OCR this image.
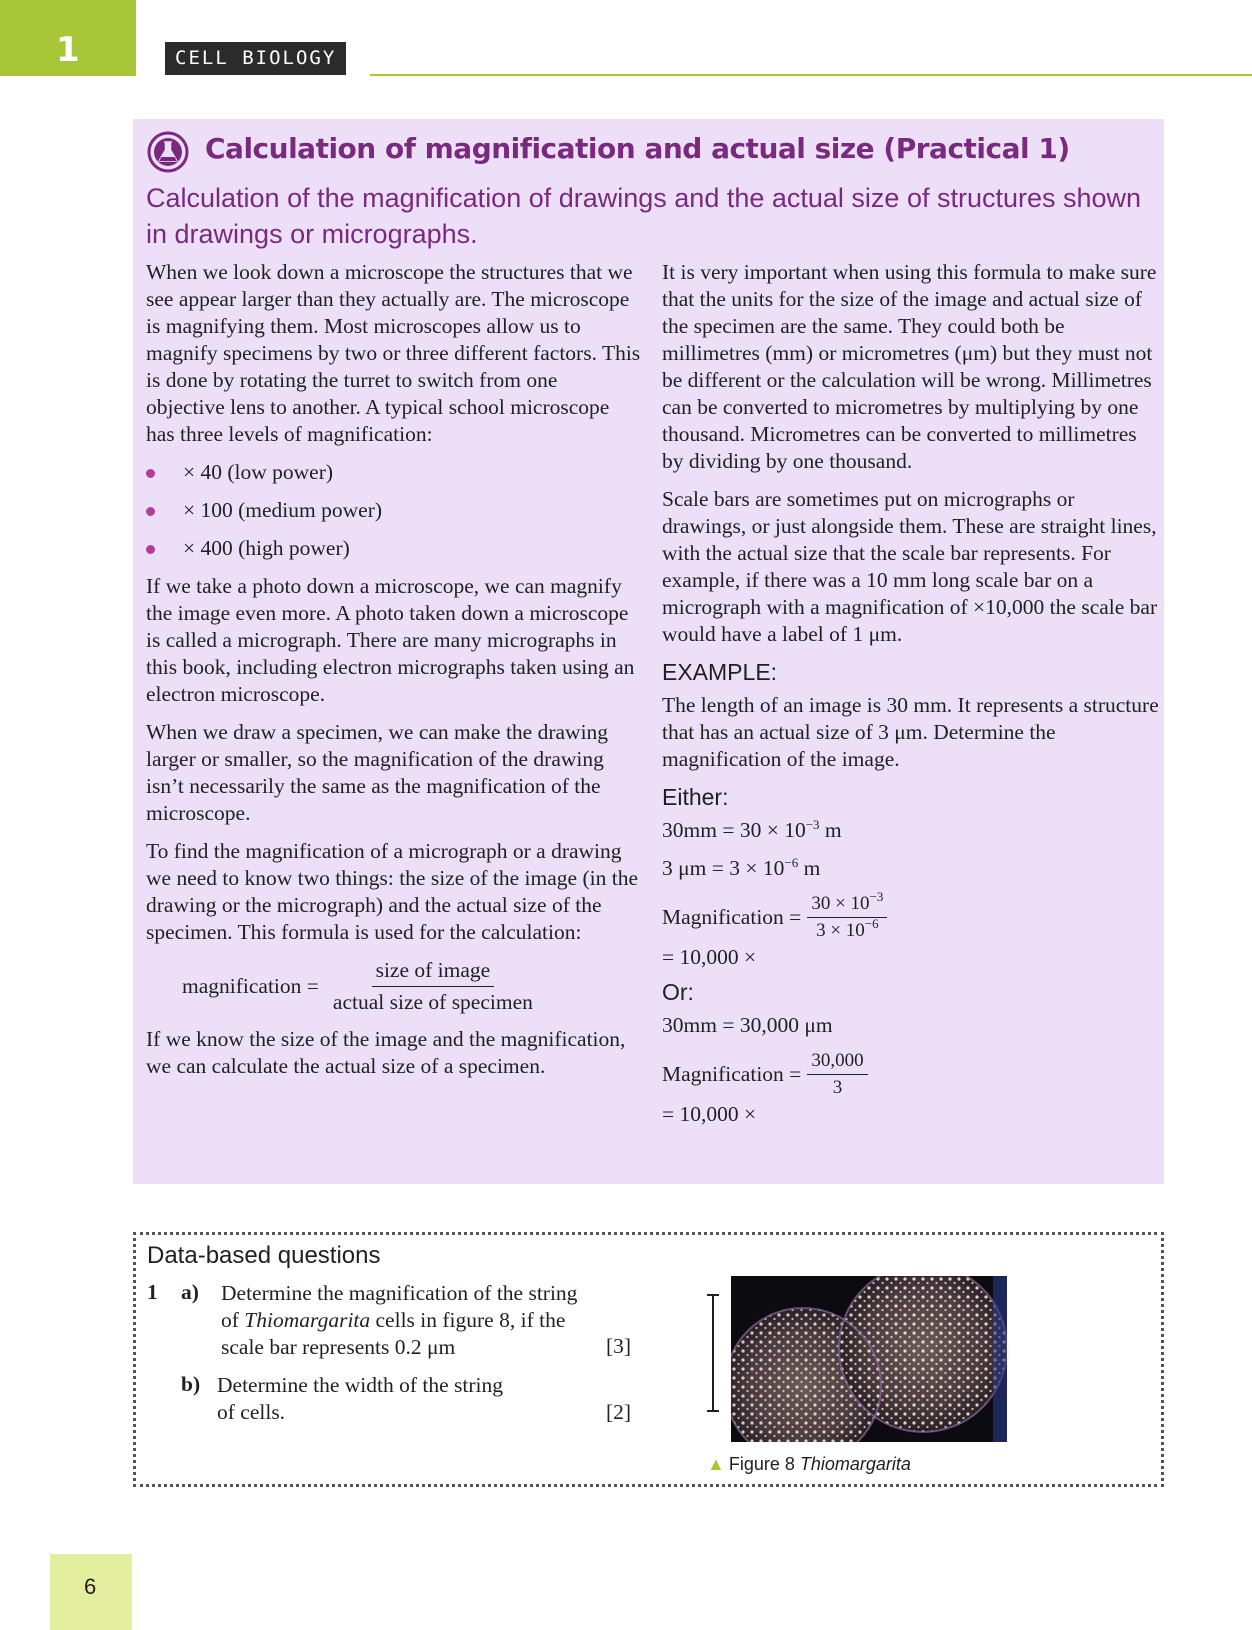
1	CELL BIOLOGY
Calculation of magnification and actual size (Practical 1)
Calculation of the magnification of drawings and the actual size of structures shown in drawings or micrographs.

When we look down a microscope the structures that we see appear larger than they actually are. The microscope is magnifying them. Most microscopes allow us to magnify specimens by two or three different factors. This is done by rotating the turret to switch from one objective lens to another. A typical school microscope has three levels of magnification:

× 40 (low power)
× 100 (medium power)
× 400 (high power)

If we take a photo down a microscope, we can magnify the image even more. A photo taken down a microscope is called a micrograph. There are many micrographs in this book, including electron micrographs taken using an electron microscope.

When we draw a specimen, we can make the drawing larger or smaller, so the magnification of the drawing isn’t necessarily the same as the magnification of the microscope.

To find the magnification of a micrograph or a drawing we need to know two things: the size of the image (in the drawing or the micrograph) and the actual size of the specimen. This formula is used for the calculation:

magnification = $\frac{\text{size of image}}{\text{actual size of specimen}}$

If we know the size of the image and the magnification, we can calculate the actual size of a specimen.

It is very important when using this formula to make sure that the units for the size of the image and actual size of the specimen are the same. They could both be millimetres (mm) or micrometres (μm) but they must not be different or the calculation will be wrong. Millimetres can be converted to micrometres by multiplying by one thousand. Micrometres can be converted to millimetres by dividing by one thousand.

Scale bars are sometimes put on micrographs or drawings, or just alongside them. These are straight lines, with the actual size that the scale bar represents. For example, if there was a 10 mm long scale bar on a micrograph with a magnification of ×10,000 the scale bar would have a label of 1 μm.

EXAMPLE:

The length of an image is 30 mm. It represents a structure that has an actual size of 3 μm. Determine the magnification of the image.

Either:

$30mm = 30 \times 10^{-3}$ m

3 $\mu m = 3 \times 10^{-6}$ m

Magnification = $\frac{30 \times 10^{-3}}{3 \times 10^{-6}}$

= 10,000 ×

Or:

30mm = 30,000 μm

Magnification = $\frac{30,000}{3}$

= 10,000 ×

Data-based questions
1 a) Determine the magnification of the string
of Thiomargarita cells in figure 8, if the
scale bar represents 0.2 μm	[3]
b) Determine the width of the string
of cells.	[2]
▲ Figure 8 Thiomargarita
6
